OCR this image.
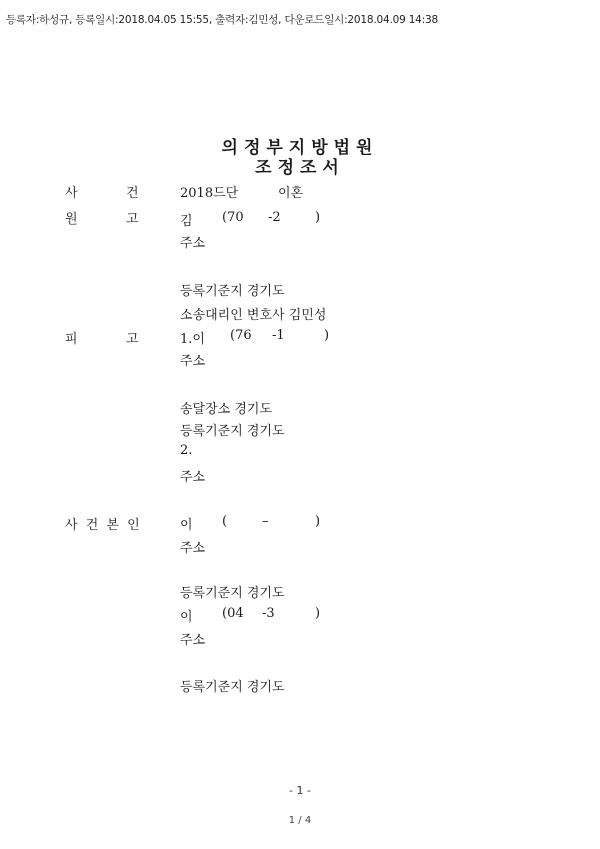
등록자:하성규, 등록일시:2018.04.05 15:55, 출력자:김민성, 다운로드일시:2018.04.09 14:38
의정부지방법원
조정조서
사	건	2018드단	이혼
원	고	김 (70 -2	)
주소
등록기준지 경기도
소송대리인 변호사 김민성
피	고	1.이 (76 -1	)
주소
송달장소 경기도
등록기준지 경기도
2.
주소
사 건 본 인	이 (	–	)
주소
등록기준지 경기도
이 (04 -3	)
주소
등록기준지 경기도
- 1 -
1 / 4
